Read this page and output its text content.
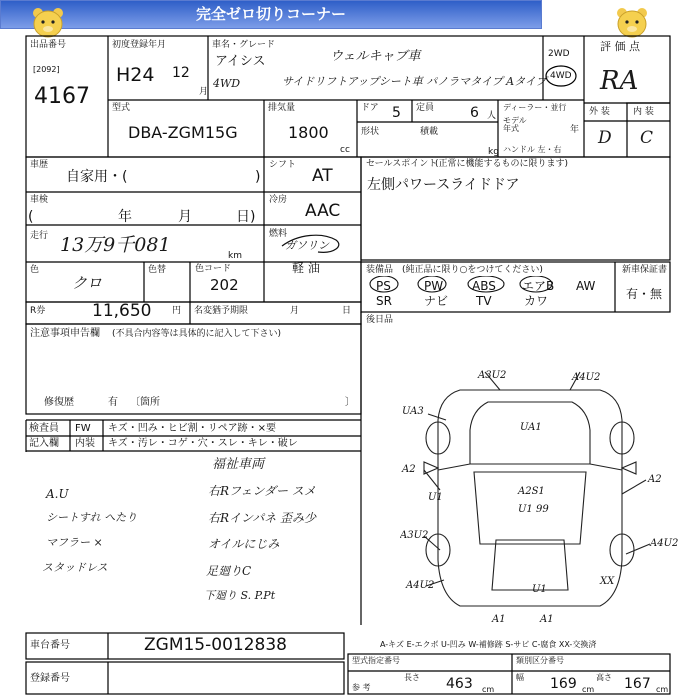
完全ゼロ切りコーナー
出品番号
[2092]
4167
初度登録年月
H24 12
月
車名・グレード
アイシス	ウェルキャブ車
4WD	サイドリフトアップシート車 パノラマタイプ Aタイプ
2WD
4WD
評 価 点
RA
外 装	内 装
D C
型式
DBA-ZGM15G
排気量
1800
cc
ドア 5 定員	6 人
形状	積載
kg
ディーラー・並行
モデル年式	年
ハンドル 左・右
車歴
自家用・(	)
車検
(	年	月	日)
走行 13万9千081	km
色
クロ
色替	色コード
202
シフト
AT
冷房
AAC
燃料
ガソリン
軽 油
セールスポイント
(正常に機能するものに限ります)
左側パワースライドドア
装備品 (純正品に限り○をつけてください)
PS	PW ABS エアB AW
SR	ナビ TV	カワ
新車保証書
有・無
後日品
R券	11,650 円 名変猶予期限	月	日
注意事項申告欄 (不具合内容等は具体的に記入して下さい)
修復歴	有 〔箇所	〕
検査員
記入欄
FW
内装
キズ・凹み・ヒビ割・リペア跡・×要
キズ・汚レ・コゲ・穴・スレ・キレ・破レ
福祉車両
右Rフェンダー スメ
右Rインパネ 歪み少
オイルにじみ
足廻りC
下廻り S. P.Pt
A.U
シートすれ へたり
マフラー ×
スタッドレス
A3U2	A4U2
UA3
UA1
A2
A2
U1
A2S1
U1 99
A3U2
A4U2
XX
A4U2	U1
A1	A1
車台番号	ZGM15-0012838
登録番号
A-キズ E-エクボ U-凹み W-補修跡 S-サビ C-腐食 XX-交換済
型式指定番号	類別区分番号
参 考
長さ 463 cm
幅 169 cm
高さ 167 cm
